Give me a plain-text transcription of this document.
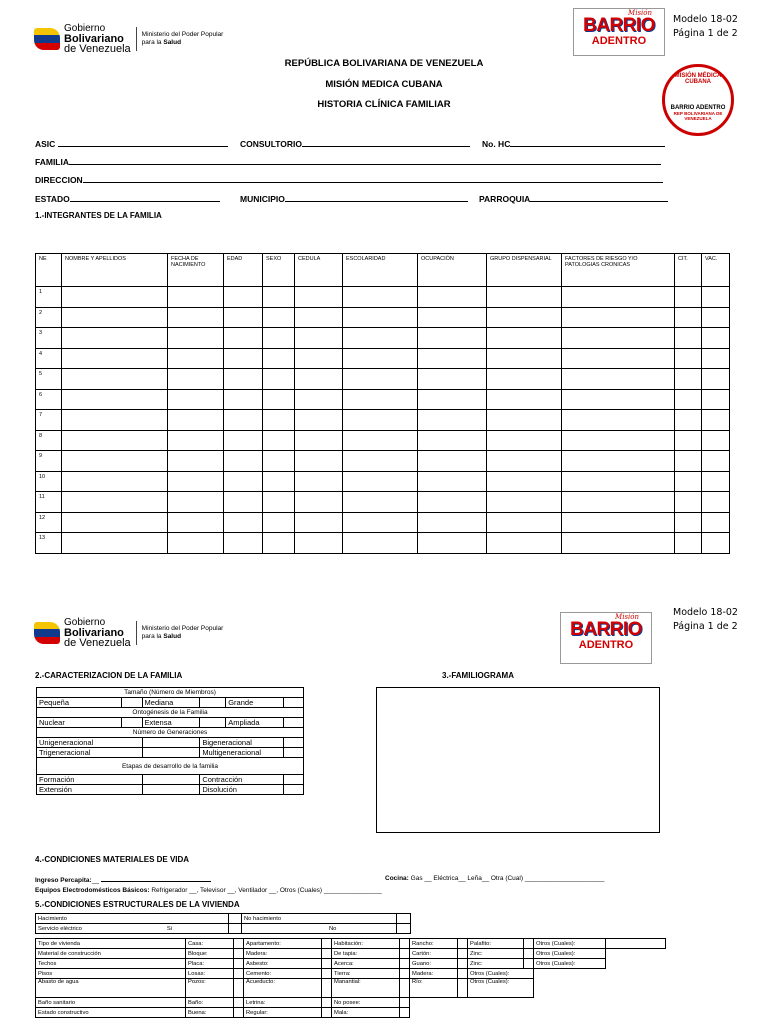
Gobierno
Bolivariano
de Venezuela
Ministerio del Poder Popular
para la Salud
Misión
BARRIO
ADENTRO
Modelo 18-02
Página 1 de 2
MISIÓN MÉDICA CUBANA
BARRIO ADENTRO
REP BOLIVARIANA DE VENEZUELA
REPÚBLICA BOLIVARIANA DE VENEZUELA
MISIÓN MEDICA CUBANA
HISTORIA CLÍNICA FAMILIAR
ASIC	CONSULTORIO	No. HC
FAMILIA
DIRECCION
ESTADO	MUNICIPIO	PARROQUIA
1.-INTEGRANTES DE LA FAMILIA
NE	NOMBRE Y APELLIDOS	FECHA DE NACIMIENTO	EDAD	SEXO	CEDULA	ESCOLARIDAD	OCUPACIÓN	GRUPO DISPENSARIAL	FACTORES DE RIESGO Y/O PATOLOGIAS CRONICAS	CIT.	VAC.
1											
2											
3											
4											
5											
6											
7											
8											
9											
10											
11											
12											
13											
Gobierno
Bolivariano
de Venezuela
Ministerio del Poder Popular
para la Salud
Misión
BARRIO
ADENTRO
Modelo 18-02
Página 1 de 2
2.-CARACTERIZACION DE LA FAMILIA	3.-FAMILIOGRAMA
Tamaño (Número de Miembros)					
Pequeña		Mediana		Grande	
Ontogénesis de la Familia					
Nuclear		Extensa		Ampliada	
Número de Generaciones					
Unigeneracional			Bigeneracional		
Trigeneracional			Multigeneracional		
Etapas de desarrollo de la familia					
Formación			Contracción		
Extensión			Disolución		
4.-CONDICIONES MATERIALES DE VIDA
Ingreso Percapita:__	Cocina: Gas __ Eléctrica__ Leña__ Otra (Cual) ______________________
Equipos Electrodomésticos Básicos: Refrigerador __, Televisor __, Ventilador __, Otros (Cuales) ________________
5.-CONDICIONES ESTRUCTURALES DE LA VIVIENDA
Hacimiento		No hacimiento	
Servicio eléctrico Si		No	
Tipo de vivienda	Casa:		Apartamento:		Habitación:		Rancho:		Palafito:		Otros (Cuales):	
Material de construcción	Bloque:		Madera:		De tapia:		Cartón:		Zinc:		Otros (Cuales):	
Techos	Placa:		Asbesto:		Acerca:		Guano:		Zinc:		Otros (Cuales):	
Pisos	Losas:		Cemento:		Tierra:		Madera:		Otros (Cuales):			
Abasto de agua	Pozos:		Acueducto:		Manantial:		Río:		Otros (Cuales):			
Baño sanitario	Baño:		Letrina:		No posee:							
Estado constructivo	Buena:		Regular:		Mala:							
